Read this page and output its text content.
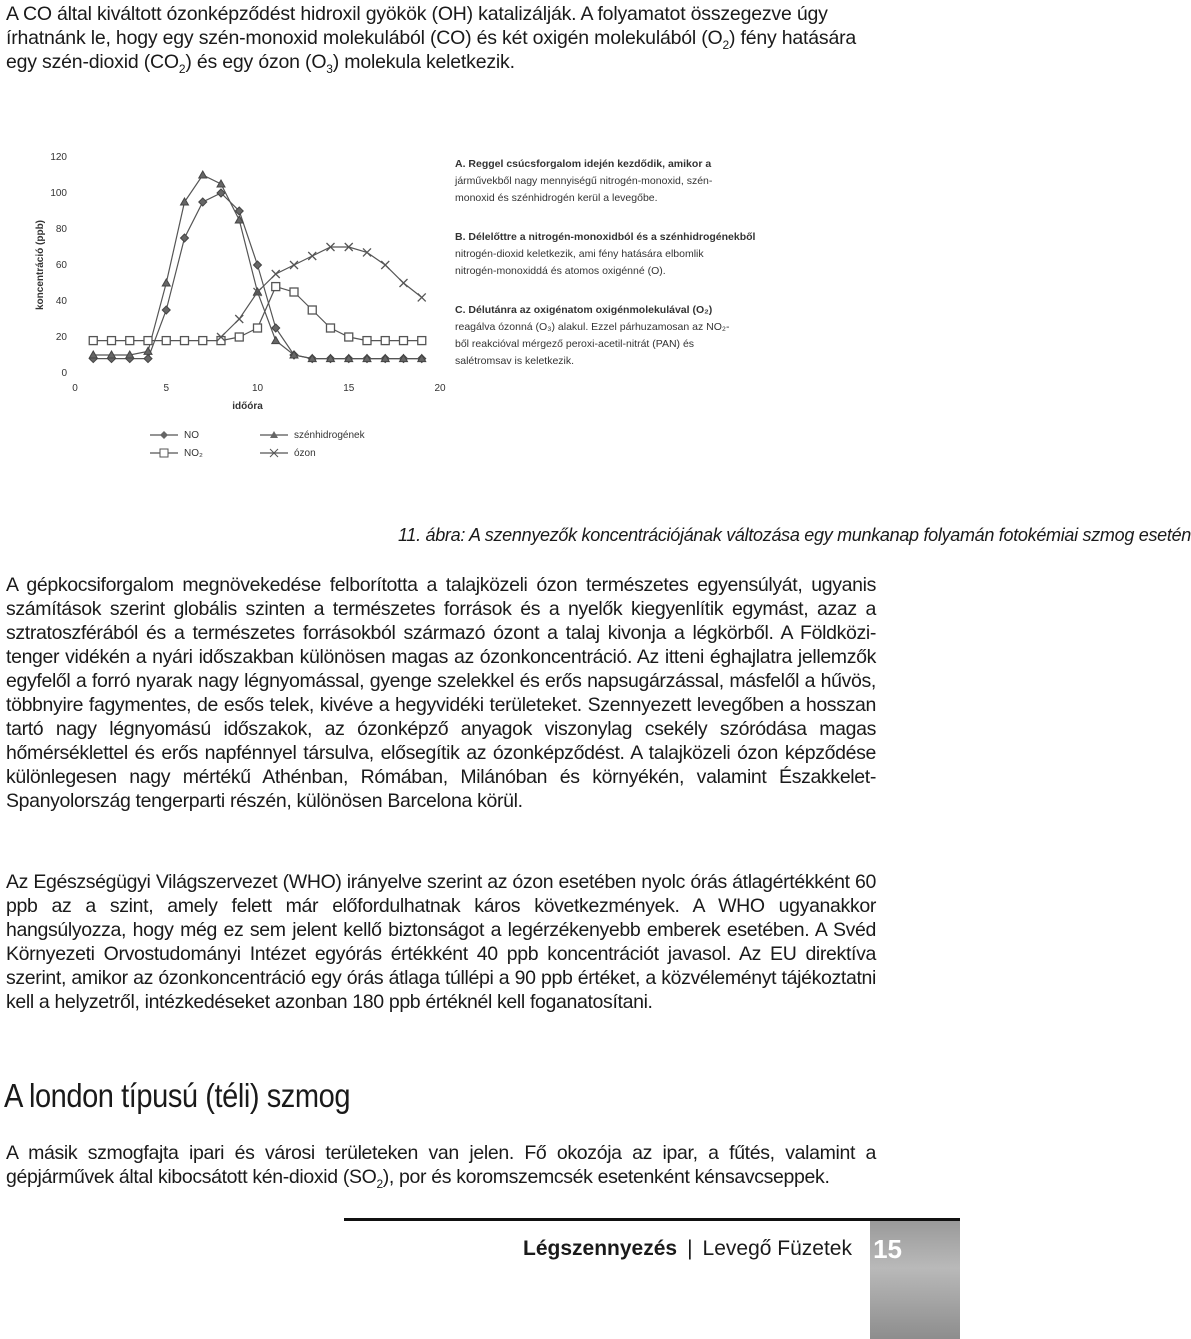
A CO által kiváltott ózonképződést hidroxil gyökök (OH) katalizálják. A folyamatot összegezve úgy írhatnánk le, hogy egy szén-monoxid molekulából (CO) és két oxigén molekulából $(O_2)$ fény hatására egy szén-dioxid $(CO_2)$ és egy ózon $(O_3)$ molekula keletkezik.

0
20
40
60
80
100
120
0	5	10	15	20
időóra
koncentráció (ppb)
NO	szénhidrogének
NO₂	ózon
A. Reggel csúcsforgalom idején kezdődik, amikor a
járművekből nagy mennyiségű nitrogén-monoxid, szén-
monoxid és szénhidrogén kerül a levegőbe.
B. Délelőttre a nitrogén-monoxidból és a szénhidrogénekből
nitrogén-dioxid keletkezik, ami fény hatására elbomlik
nitrogén-monoxiddá és atomos oxigénné (O).
C. Délutánra az oxigénatom oxigénmolekulával (O₂)
reagálva ózonná (O₃) alakul. Ezzel párhuzamosan az NO₂-
ből reakcióval mérgező peroxi-acetil-nitrát (PAN) és
salétromsav is keletkezik.

11. ábra: A szennyezők koncentrációjának változása egy munkanap folyamán fotokémiai szmog esetén

A gépkocsiforgalom megnövekedése felborította a talajközeli ózon természetes egyensúlyát, ugyanis számítások szerint globális szinten a természetes források és a nyelők kiegyenlítik egymást, azaz a sztratoszférából és a természetes forrásokból származó ózont a talaj kivonja a légkörből. A Földközi-tenger vidékén a nyári időszakban különösen magas az ózonkoncentráció. Az itteni éghajlatra jellemzők egyfelől a forró nyarak nagy légnyomással, gyenge szelekkel és erős napsugárzással, másfelől a hűvös, többnyire fagymentes, de esős telek, kivéve a hegyvidéki területeket. Szennyezett levegőben a hosszan tartó nagy légnyomású időszakok, az ózonképző anyagok viszonylag csekély szóródása magas hőmérséklettel és erős napfénnyel társulva, elősegítik az ózonképződést. A talajközeli ózon képződése különlegesen nagy mértékű Athénban, Rómában, Milánóban és környékén, valamint Északkelet-Spanyolország tengerparti részén, különösen Barcelona körül.

Az Egészségügyi Világszervezet (WHO) irányelve szerint az ózon esetében nyolc órás átlagértékként 60 ppb az a szint, amely felett már előfordulhatnak káros következmények. A WHO ugyanakkor hangsúlyozza, hogy még ez sem jelent kellő biztonságot a legérzékenyebb emberek esetében. A Svéd Környezeti Orvostudományi Intézet egyórás értékként 40 ppb koncentrációt javasol. Az EU direktíva szerint, amikor az ózonkoncentráció egy órás átlaga túllépi a 90 ppb értéket, a közvéleményt tájékoztatni kell a helyzetről, intézkedéseket azonban 180 ppb értéknél kell foganatosítani.

A london típusú (téli) szmog

A másik szmogfajta ipari és városi területeken van jelen. Fő okozója az ipar, a fűtés, valamint a gépjárművek által kibocsátott kén-dioxid $(SO_2)$, por és koromszemcsék esetenként kénsavcseppek.

Légszennyezés | Levegő Füzetek 15
